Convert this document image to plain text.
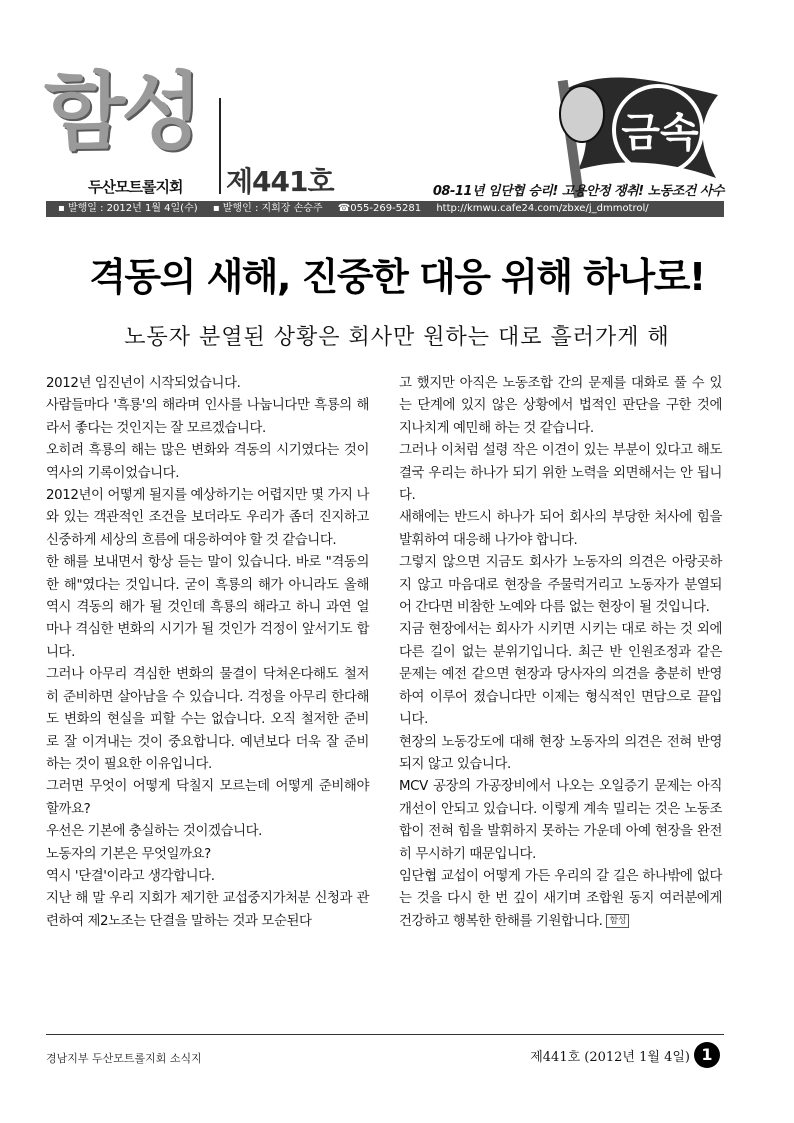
함성
두산모트롤지회 제441호
금속
08-11년 임단협 승리! 고용안정 쟁취! 노동조건 사수
▪ 발행일 : 2012년 1월 4일(수) ▪ 발행인 : 지회장 손승주 ☎055-269-5281 http://kmwu.cafe24.com/zbxe/j_dmmotrol/
격동의 새해, 진중한 대응 위해 하나로!
노동자 분열된 상황은 회사만 원하는 대로 흘러가게 해

2012년 임진년이 시작되었습니다.

사람들마다 '흑룡'의 해라며 인사를 나눕니다만 흑룡의 해라서 좋다는 것인지는 잘 모르겠습니다.

오히려 흑룡의 해는 많은 변화와 격동의 시기였다는 것이 역사의 기록이었습니다.

2012년이 어떻게 될지를 예상하기는 어렵지만 몇 가지 나와 있는 객관적인 조건을 보더라도 우리가 좀더 진지하고 신중하게 세상의 흐름에 대응하여야 할 것 같습니다.

한 해를 보내면서 항상 듣는 말이 있습니다. 바로 "격동의 한 해"였다는 것입니다. 굳이 흑룡의 해가 아니라도 올해 역시 격동의 해가 될 것인데 흑룡의 해라고 하니 과연 얼마나 격심한 변화의 시기가 될 것인가 걱정이 앞서기도 합니다.

그러나 아무리 격심한 변화의 물결이 닥쳐온다해도 철저히 준비하면 살아남을 수 있습니다. 걱정을 아무리 한다해도 변화의 현실을 피할 수는 없습니다. 오직 철저한 준비로 잘 이겨내는 것이 중요합니다. 예년보다 더욱 잘 준비하는 것이 필요한 이유입니다.

그러면 무엇이 어떻게 닥칠지 모르는데 어떻게 준비해야 할까요?

우선은 기본에 충실하는 것이겠습니다.

노동자의 기본은 무엇일까요?

역시 '단결'이라고 생각합니다.

지난 해 말 우리 지회가 제기한 교섭중지가처분 신청과 관련하여 제2노조는 단결을 말하는 것과 모순된다

고 했지만 아직은 노동조합 간의 문제를 대화로 풀 수 있는 단계에 있지 않은 상황에서 법적인 판단을 구한 것에 지나치게 예민해 하는 것 같습니다.

그러나 이처럼 설령 작은 이견이 있는 부분이 있다고 해도 결국 우리는 하나가 되기 위한 노력을 외면해서는 안 됩니다.

새해에는 반드시 하나가 되어 회사의 부당한 처사에 힘을 발휘하여 대응해 나가야 합니다.

그렇지 않으면 지금도 회사가 노동자의 의견은 아랑곳하지 않고 마음대로 현장을 주물럭거리고 노동자가 분열되어 간다면 비참한 노예와 다름 없는 현장이 될 것입니다.

지금 현장에서는 회사가 시키면 시키는 대로 하는 것 외에 다른 길이 없는 분위기입니다. 최근 반 인원조정과 같은 문제는 예전 같으면 현장과 당사자의 의견을 충분히 반영하여 이루어 졌습니다만 이제는 형식적인 면담으로 끝입니다.

현장의 노동강도에 대해 현장 노동자의 의견은 전혀 반영되지 않고 있습니다.

MCV 공장의 가공장비에서 나오는 오일증기 문제는 아직 개선이 안되고 있습니다. 이렇게 계속 밀리는 것은 노동조합이 전혀 힘을 발휘하지 못하는 가운데 아예 현장을 완전히 무시하기 때문입니다.

임단협 교섭이 어떻게 가든 우리의 갈 길은 하나밖에 없다는 것을 다시 한 번 깊이 새기며 조합원 동지 여러분에게 건강하고 행복한 한해를 기원합니다. 함성

경남지부 두산모트롤지회 소식지	제441호 (2012년 1월 4일) 1
